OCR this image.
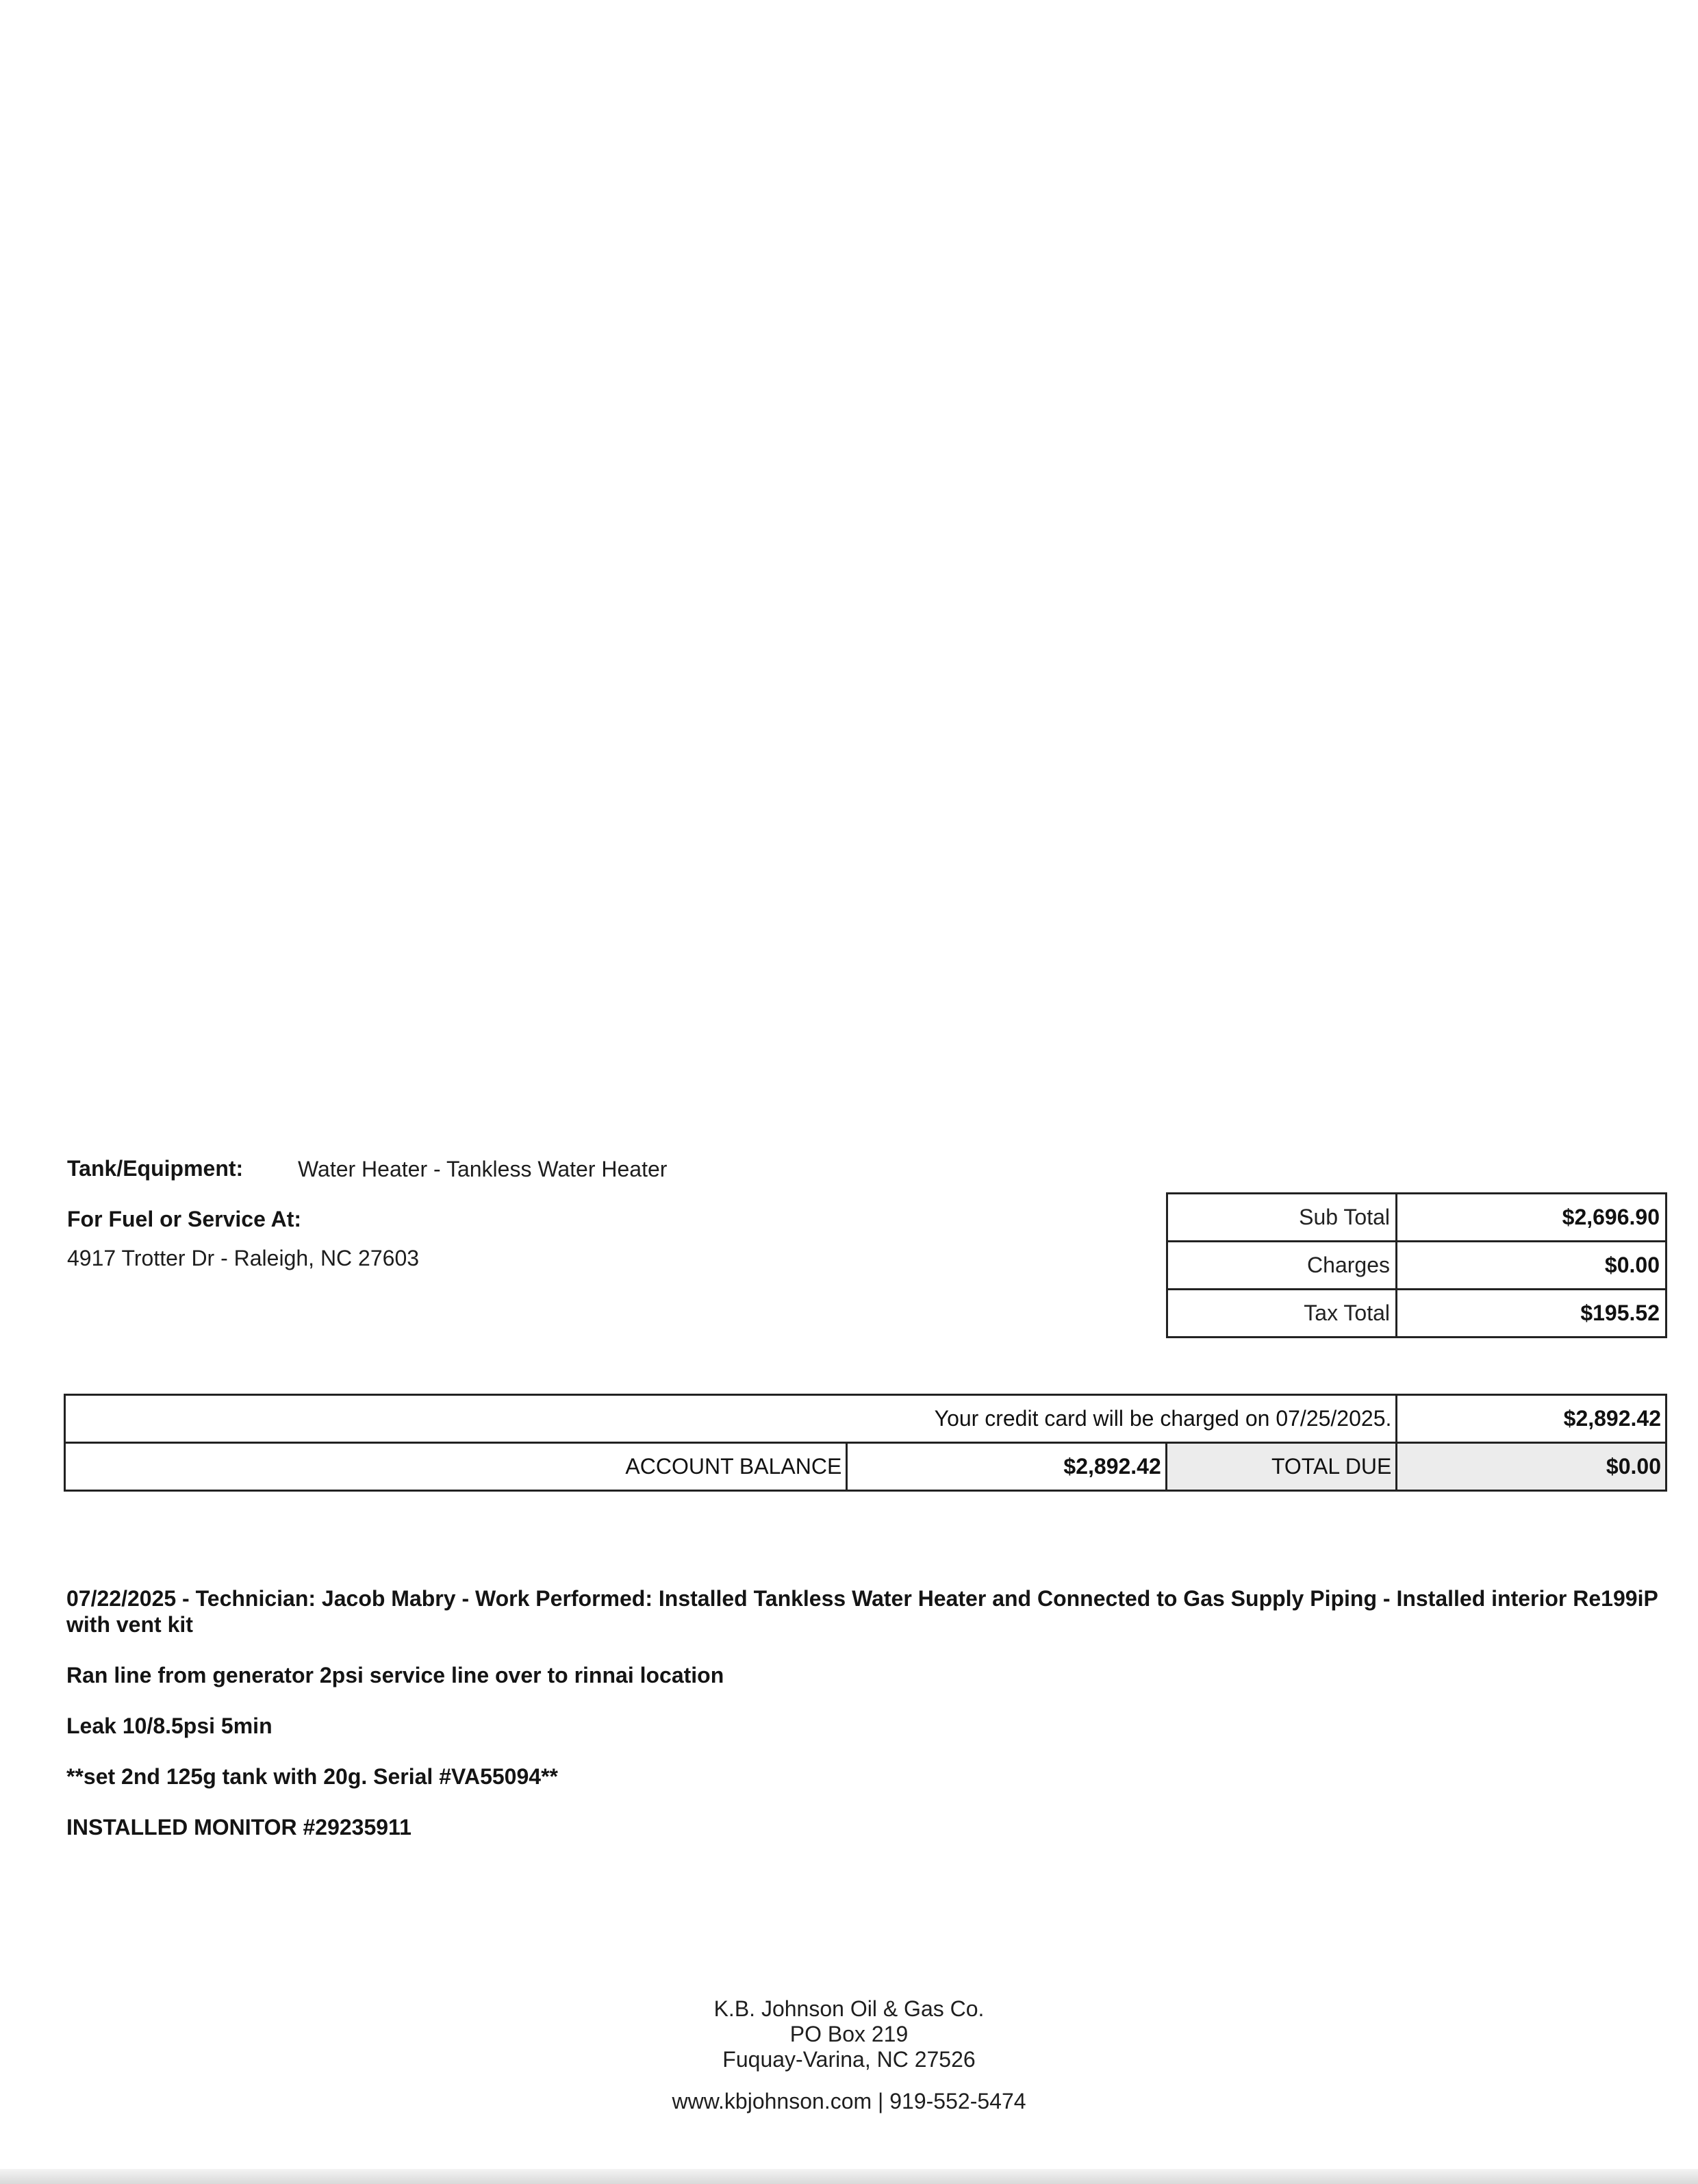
Tank/Equipment: Water Heater - Tankless Water Heater
For Fuel or Service At:
4917 Trotter Dr - Raleigh, NC 27603
Sub Total	$2,696.90
Charges	$0.00
Tax Total	$195.52
Your credit card will be charged on 07/25/2025.			$2,892.42
ACCOUNT BALANCE	$2,892.42	TOTAL DUE	$0.00

07/22/2025 - Technician: Jacob Mabry - Work Performed: Installed Tankless Water Heater and Connected to Gas Supply Piping - Installed interior Re199iP with vent kit

Ran line from generator 2psi service line over to rinnai location

Leak 10/8.5psi 5min

**set 2nd 125g tank with 20g. Serial #VA55094**

INSTALLED MONITOR #29235911

K.B. Johnson Oil & Gas Co.
PO Box 219
Fuquay-Varina, NC 27526
www.kbjohnson.com | 919-552-5474
